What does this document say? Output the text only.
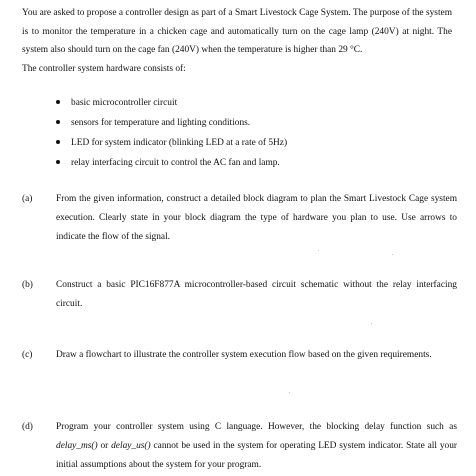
You are asked to propose a controller design as part of a Smart Livestock Cage System. The purpose of the system is to monitor the temperature in a chicken cage and automatically turn on the cage lamp (240V) at night. The system also should turn on the cage fan (240V) when the temperature is higher than 29 °C.

The controller system hardware consists of:

basic microcontroller circuit
sensors for temperature and lighting conditions.
LED for system indicator (blinking LED at a rate of 5Hz)
relay interfacing circuit to control the AC fan and lamp.
(a)	From the given information, construct a detailed block diagram to plan the Smart Livestock Cage system execution. Clearly state in your block diagram the type of hardware you plan to use. Use arrows to indicate the flow of the signal.
(b)	Construct a basic PIC16F877A microcontroller-based circuit schematic without the relay interfacing circuit.
(c)	Draw a flowchart to illustrate the controller system execution flow based on the given requirements.
(d)	Program your controller system using C language. However, the blocking delay function such as delay_ms() or delay_us() cannot be used in the system for operating LED system indicator. State all your initial assumptions about the system for your program.
